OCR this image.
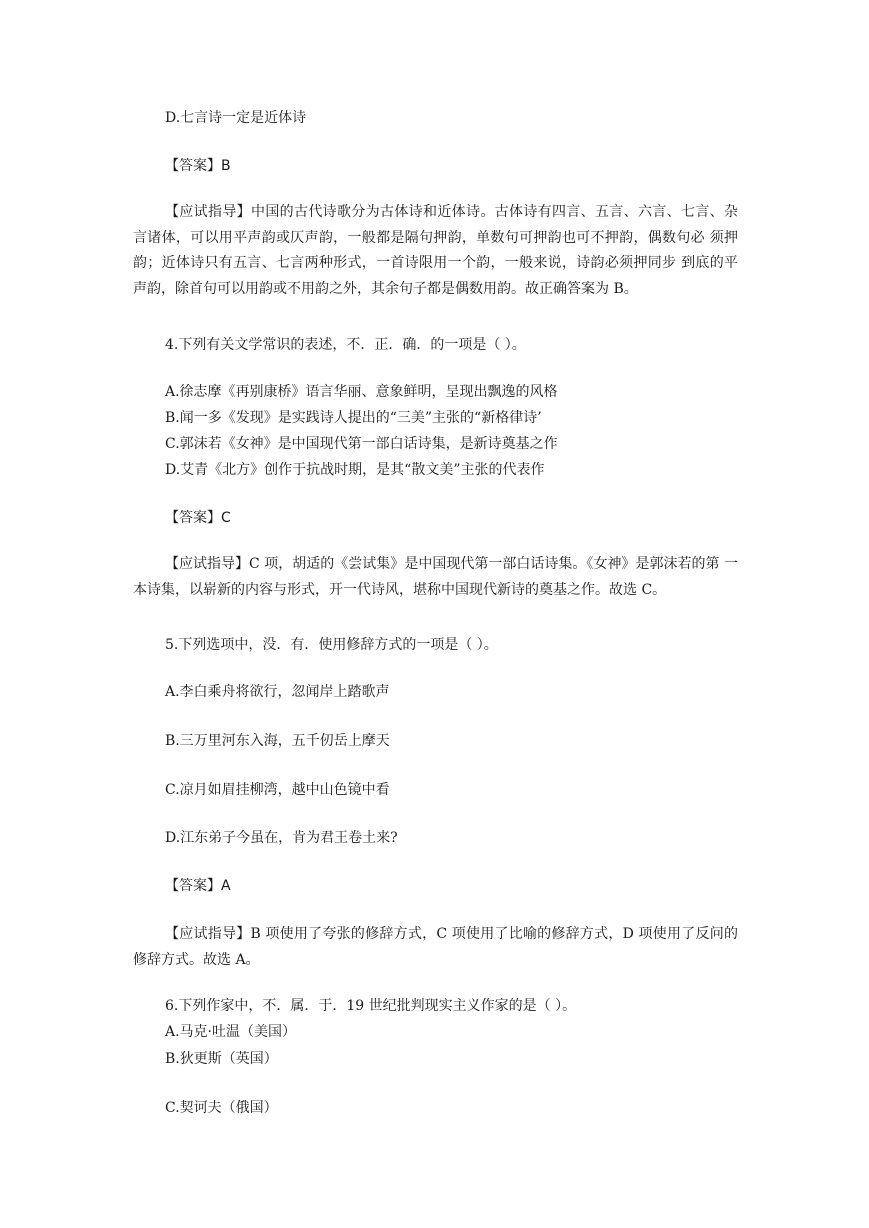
D.七言诗一定是近体诗
【答案】B
【应试指导】中国的古代诗歌分为古体诗和近体诗。古体诗有四言、五言、六言、七言、杂 言诸体，可以用平声韵或仄声韵，一般都是隔句押韵，单数句可押韵也可不押韵，偶数句必 须押韵；近体诗只有五言、七言两种形式，一首诗限用一个韵，一般来说，诗韵必须押同步 到底的平声韵，除首句可以用韵或不用韵之外，其余句子都是偶数用韵。故正确答案为 B。
4.下列有关文学常识的表述，不．正．确．的一项是（ ）。
A.徐志摩《再别康桥》语言华丽、意象鲜明，呈现出飘逸的风格
B.闻一多《发现》是实践诗人提出的“三美”主张的“新格律诗’
C.郭沫若《女神》是中国现代第一部白话诗集，是新诗奠基之作
D.艾青《北方》创作于抗战时期，是其“散文美”主张的代表作
【答案】C
【应试指导】C 项，胡适的《尝试集》是中国现代第一部白话诗集。《女神》是郭沫若的第 一本诗集，以崭新的内容与形式，开一代诗风，堪称中国现代新诗的奠基之作。故选 C。
5.下列选项中，没．有．使用修辞方式的一项是（ ）。
A.李白乘舟将欲行，忽闻岸上踏歌声
B.三万里河东入海，五千仞岳上摩天
C.凉月如眉挂柳湾，越中山色镜中看
D.江东弟子今虽在，肯为君王卷土来?
【答案】A
【应试指导】B 项使用了夸张的修辞方式，C 项使用了比喻的修辞方式，D 项使用了反问的 修辞方式。故选 A。
6.下列作家中，不．属．于．19 世纪批判现实主义作家的是（ ）。
A.马克·吐温（美国）
B.狄更斯（英国）
C.契诃夫（俄国）
